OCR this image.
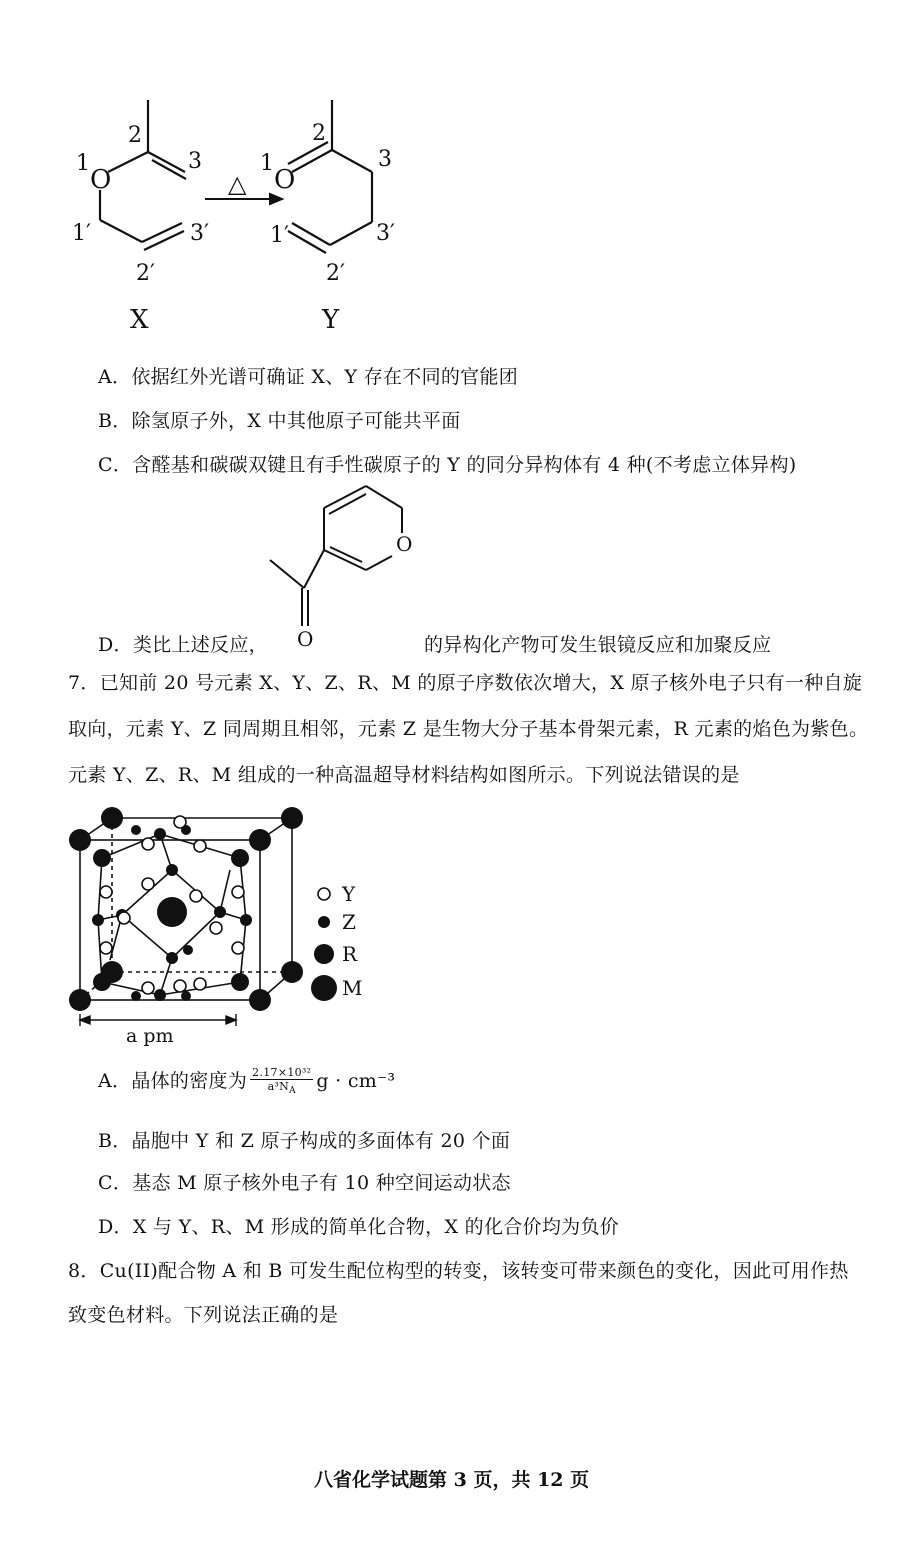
O
1
2
3
1′
2′
3′
X
△ O
1
2
3
1′
2′
3′
Y
A．依据红外光谱可确证 X、Y 存在不同的官能团
B．除氢原子外，X 中其他原子可能共平面
C．含醛基和碳碳双键且有手性碳原子的 Y 的同分异构体有 4 种(不考虑立体异构)
O
O
D．类比上述反应，	的异构化产物可发生银镜反应和加聚反应
7．已知前 20 号元素 X、Y、Z、R、M 的原子序数依次增大，X 原子核外电子只有一种自旋
取向，元素 Y、Z 同周期且相邻，元素 Z 是生物大分子基本骨架元素，R 元素的焰色为紫色。
元素 Y、Z、R、M 组成的一种高温超导材料结构如图所示。下列说法错误的是
a pm
Y
Z
R
M
A．晶体的密度为 $\frac{\text{2.17×10³²}}{a^3N_A}$ g · cm⁻³
B．晶胞中 Y 和 Z 原子构成的多面体有 20 个面
C．基态 M 原子核外电子有 10 种空间运动状态
D．X 与 Y、R、M 形成的简单化合物，X 的化合价均为负价
8．Cu(II)配合物 A 和 B 可发生配位构型的转变，该转变可带来颜色的变化，因此可用作热
致变色材料。下列说法正确的是
八省化学试题第 3 页，共 12 页
